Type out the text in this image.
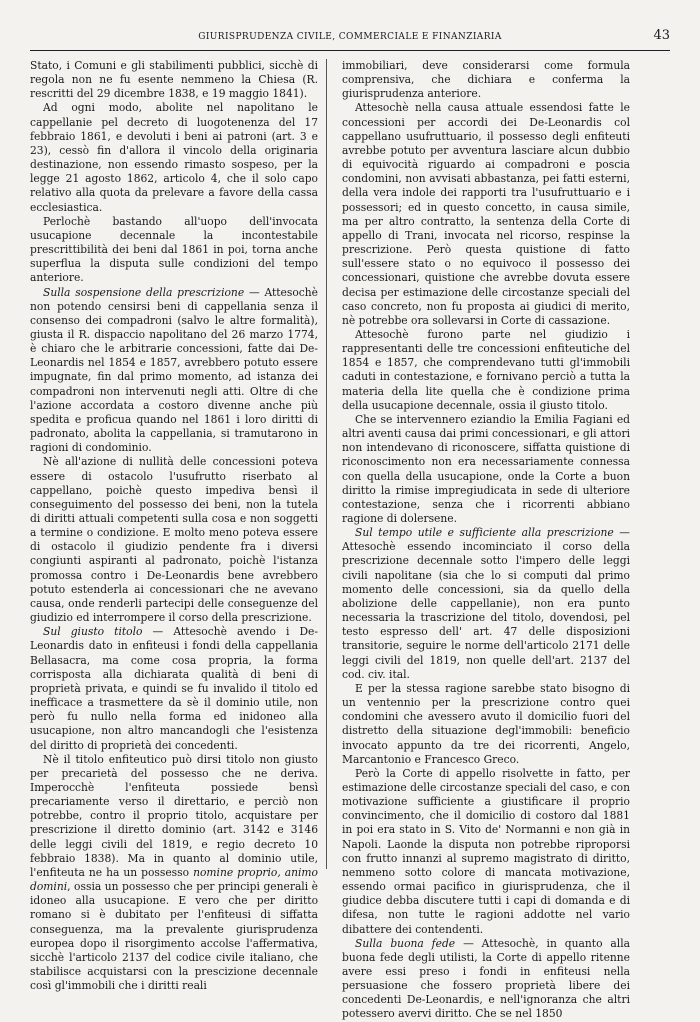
GIURISPRUDENZA CIVILE, COMMERCIALE E FINANZIARIA	43

Stato, i Comuni e gli stabilimenti pubblici, sicchè di regola non ne fu esente nemmeno la Chiesa (R. rescritti del 29 dicembre 1838, e 19 maggio 1841).

Ad ogni modo, abolite nel napolitano le cappellanie pel decreto di luogotenenza del 17 febbraio 1861, e devoluti i beni ai patroni (art. 3 e 23), cessò fin d'allora il vincolo della originaria destinazione, non essendo rimasto sospeso, per la legge 21 agosto 1862, articolo 4, che il solo capo relativo alla quota da prelevare a favore della cassa ecclesiastica.

Perlochè bastando all'uopo dell'invocata usucapione decennale la incontestabile prescrittibilità dei beni dal 1861 in poi, torna anche superflua la disputa sulle condizioni del tempo anteriore.

Sulla sospensione della prescrizione — Attesochè non potendo censirsi beni di cappellania senza il consenso dei compadroni (salvo le altre formalità), giusta il R. dispaccio napolitano del 26 marzo 1774, è chiaro che le arbitrarie concessioni, fatte dai De-Leonardis nel 1854 e 1857, avrebbero potuto essere impugnate, fin dal primo momento, ad istanza dei compadroni non intervenuti negli atti. Oltre di che l'azione accordata a costoro divenne anche più spedita e proficua quando nel 1861 i loro diritti di padronato, abolita la cappellania, si tramutarono in ragioni di condominio.

Nè all'azione di nullità delle concessioni poteva essere di ostacolo l'usufrutto riserbato al cappellano, poichè questo impediva bensì il conseguimento del possesso dei beni, non la tutela di diritti attuali competenti sulla cosa e non soggetti a termine o condizione. E molto meno poteva essere di ostacolo il giudizio pendente fra i diversi congiunti aspiranti al padronato, poichè l'istanza promossa contro i De-Leonardis bene avrebbero potuto estenderla ai concessionari che ne avevano causa, onde renderli partecipi delle conseguenze del giudizio ed interrompere il corso della prescrizione.

Sul giusto titolo — Attesochè avendo i De-Leonardis dato in enfiteusi i fondi della cappellania Bellasacra, ma come cosa propria, la forma corrisposta alla dichiarata qualità di beni di proprietà privata, e quindi se fu invalido il titolo ed inefficace a trasmettere da sè il dominio utile, non però fu nullo nella forma ed inidoneo alla usucapione, non altro mancandogli che l'esistenza del diritto di proprietà dei concedenti.

Nè il titolo enfiteutico può dirsi titolo non giusto per precarietà del possesso che ne deriva. Imperocchè l'enfiteuta possiede bensì precariamente verso il direttario, e perciò non potrebbe, contro il proprio titolo, acquistare per prescrizione il diretto dominio (art. 3142 e 3146 delle leggi civili del 1819, e regio decreto 10 febbraio 1838). Ma in quanto al dominio utile, l'enfiteuta ne ha un possesso nomine proprio, animo domini, ossia un possesso che per principi generali è idoneo alla usucapione. E vero che per diritto romano si è dubitato per l'enfiteusi di siffatta conseguenza, ma la prevalente giurisprudenza europea dopo il risorgimento accolse l'affermativa, sicchè l'articolo 2137 del codice civile italiano, che stabilisce acquistarsi con la prescizione decennale così gl'immobili che i diritti reali

immobiliari, deve considerarsi come formula comprensiva, che dichiara e conferma la giurisprudenza anteriore.

Attesochè nella causa attuale essendosi fatte le concessioni per accordi dei De-Leonardis col cappellano usufruttuario, il possesso degli enfiteuti avrebbe potuto per avventura lasciare alcun dubbio di equivocità riguardo ai compadroni e poscia condomini, non avvisati abbastanza, pei fatti esterni, della vera indole dei rapporti tra l'usufruttuario e i possessori; ed in questo concetto, in causa simile, ma per altro contratto, la sentenza della Corte di appello di Trani, invocata nel ricorso, respinse la prescrizione. Però questa quistione di fatto sull'essere stato o no equivoco il possesso dei concessionari, quistione che avrebbe dovuta essere decisa per estimazione delle circostanze speciali del caso concreto, non fu proposta ai giudici di merito, nè potrebbe ora sollevarsi in Corte di cassazione.

Attesochè furono parte nel giudizio i rappresentanti delle tre concessioni enfiteutiche del 1854 e 1857, che comprendevano tutti gl'immobili caduti in contestazione, e fornivano perciò a tutta la materia della lite quella che è condizione prima della usucapione decennale, ossia il giusto titolo.

Che se intervennero eziandio la Emilia Fagiani ed altri aventi causa dai primi concessionari, e gli attori non intendevano di riconoscere, siffatta quistione di riconoscimento non era necessariamente connessa con quella della usucapione, onde la Corte a buon diritto la rimise impregiudicata in sede di ulteriore contestazione, senza che i ricorrenti abbiano ragione di dolersene.

Sul tempo utile e sufficiente alla prescrizione — Attesochè essendo incominciato il corso della prescrizione decennale sotto l'impero delle leggi civili napolitane (sia che lo si computi dal primo momento delle concessioni, sia da quello della abolizione delle cappellanie), non era punto necessaria la trascrizione del titolo, dovendosi, pel testo espresso dell' art. 47 delle disposizioni transitorie, seguire le norme dell'articolo 2171 delle leggi civili del 1819, non quelle dell'art. 2137 del cod. civ. ital.

E per la stessa ragione sarebbe stato bisogno di un ventennio per la prescrizione contro quei condomini che avessero avuto il domicilio fuori del distretto della situazione degl'immobili: beneficio invocato appunto da tre dei ricorrenti, Angelo, Marcantonio e Francesco Greco.

Però la Corte di appello risolvette in fatto, per estimazione delle circostanze speciali del caso, e con motivazione sufficiente a giustificare il proprio convincimento, che il domicilio di costoro dal 1881 in poi era stato in S. Vito de' Normanni e non già in Napoli. Laonde la disputa non potrebbe riproporsi con frutto innanzi al supremo magistrato di diritto, nemmeno sotto colore di mancata motivazione, essendo ormai pacifico in giurisprudenza, che il giudice debba discutere tutti i capi di domanda e di difesa, non tutte le ragioni addotte nel vario dibattere dei contendenti.

Sulla buona fede — Attesochè, in quanto alla buona fede degli utilisti, la Corte di appello ritenne avere essi preso i fondi in enfiteusi nella persuasione che fossero proprietà libere dei concedenti De-Leonardis, e nell'ignoranza che altri potessero avervi diritto. Che se nel 1850
